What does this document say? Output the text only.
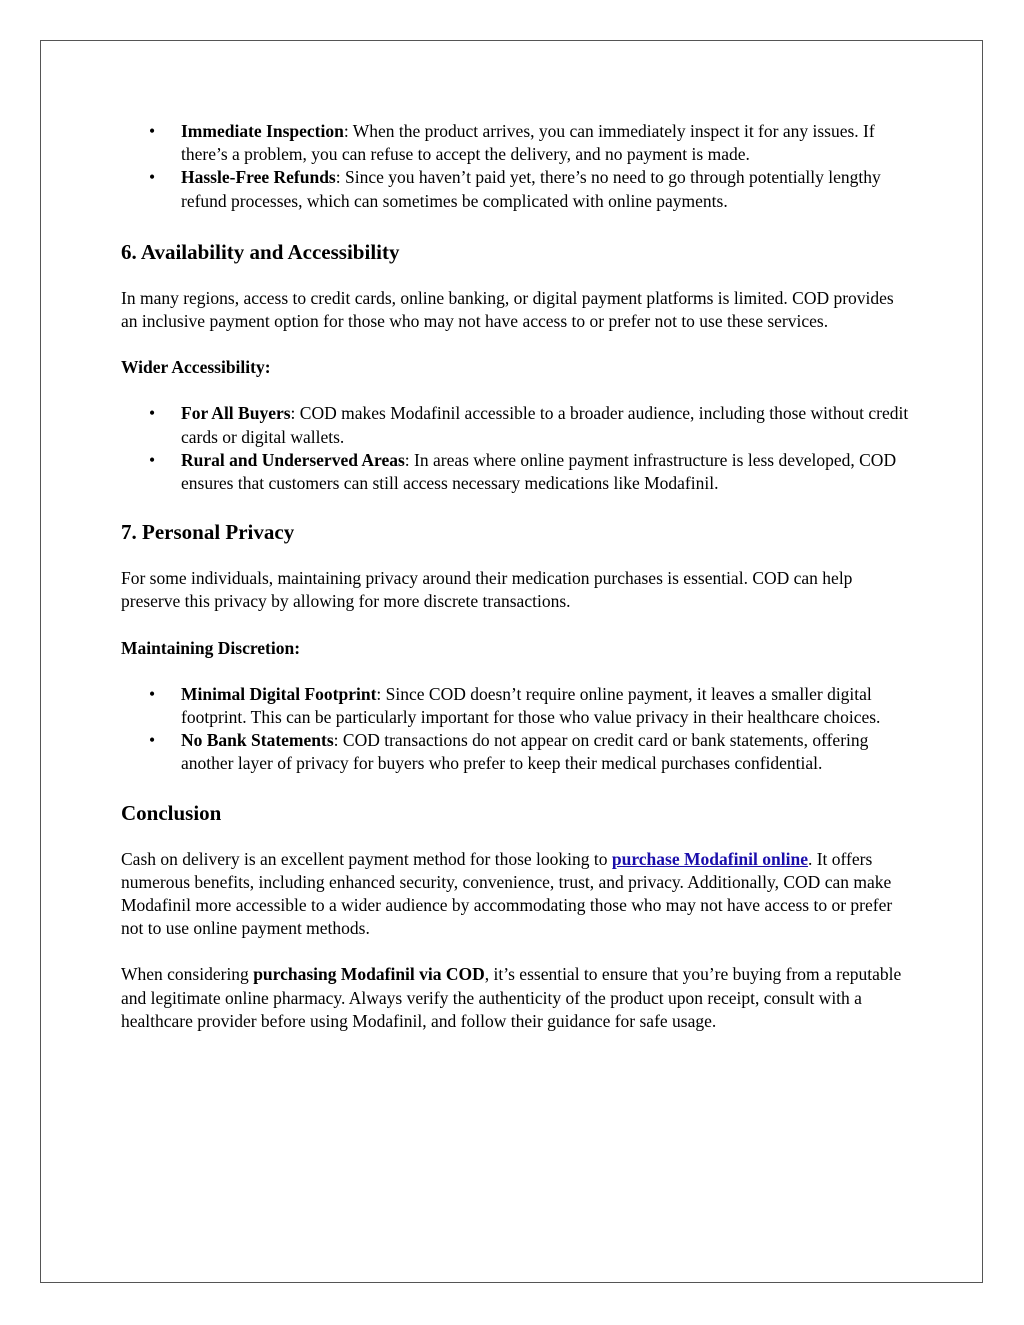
• Immediate Inspection: When the product arrives, you can immediately inspect it for any issues. If there’s a problem, you can refuse to accept the delivery, and no payment is made.
• Hassle-Free Refunds: Since you haven’t paid yet, there’s no need to go through potentially lengthy refund processes, which can sometimes be complicated with online payments.
6. Availability and Accessibility

In many regions, access to credit cards, online banking, or digital payment platforms is limited. COD provides an inclusive payment option for those who may not have access to or prefer not to use these services.

Wider Accessibility:

• For All Buyers: COD makes Modafinil accessible to a broader audience, including those without credit cards or digital wallets.
• Rural and Underserved Areas: In areas where online payment infrastructure is less developed, COD ensures that customers can still access necessary medications like Modafinil.
7. Personal Privacy

For some individuals, maintaining privacy around their medication purchases is essential. COD can help preserve this privacy by allowing for more discrete transactions.

Maintaining Discretion:

• Minimal Digital Footprint: Since COD doesn’t require online payment, it leaves a smaller digital footprint. This can be particularly important for those who value privacy in their healthcare choices.
• No Bank Statements: COD transactions do not appear on credit card or bank statements, offering another layer of privacy for buyers who prefer to keep their medical purchases confidential.
Conclusion

Cash on delivery is an excellent payment method for those looking to purchase Modafinil online. It offers numerous benefits, including enhanced security, convenience, trust, and privacy. Additionally, COD can make Modafinil more accessible to a wider audience by accommodating those who may not have access to or prefer not to use online payment methods.

When considering purchasing Modafinil via COD, it’s essential to ensure that you’re buying from a reputable and legitimate online pharmacy. Always verify the authenticity of the product upon receipt, consult with a healthcare provider before using Modafinil, and follow their guidance for safe usage.
